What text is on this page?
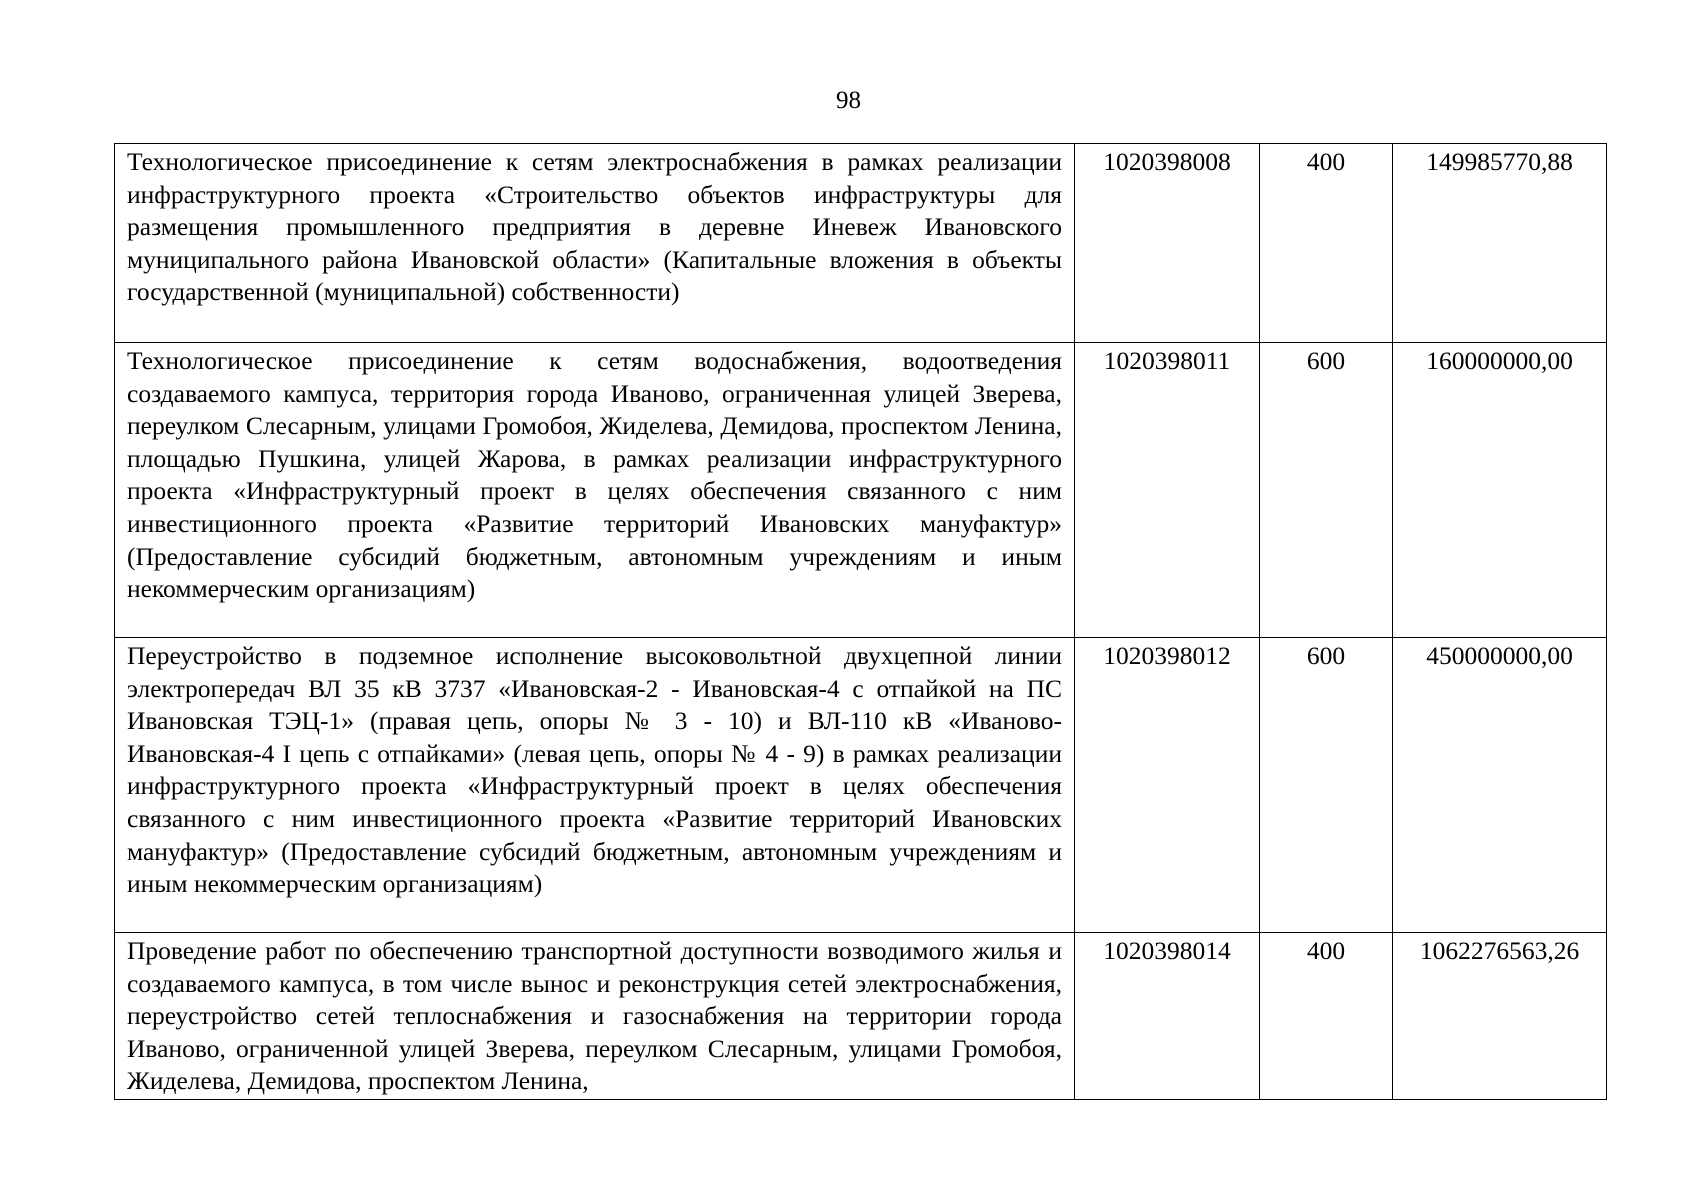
98
Технологическое присоединение к сетям электроснабжения в рамках реализации инфраструктурного проекта «Строительство объектов инфраструктуры для размещения промышленного предприятия в деревне Иневеж Ивановского муниципального района Ивановской области» (Капитальные вложения в объекты государственной (муниципальной) собственности)	1020398008	400	149985770,88
Технологическое присоединение к сетям водоснабжения, водоотведения создаваемого кампуса, территория города Иваново, ограниченная улицей Зверева, переулком Слесарным, улицами Громобоя, Жиделева, Демидова, проспектом Ленина, площадью Пушкина, улицей Жарова, в рамках реализации инфраструктурного проекта «Инфраструктурный проект в целях обеспечения связанного с ним инвестиционного проекта «Развитие территорий Ивановских мануфактур» (Предоставление субсидий бюджетным, автономным учреждениям и иным некоммерческим организациям)	1020398011	600	160000000,00
Переустройство в подземное исполнение высоковольтной двухцепной линии электропередач ВЛ 35 кВ 3737 «Ивановская-2 - Ивановская-4 с отпайкой на ПС Ивановская ТЭЦ-1» (правая цепь, опоры № 3 - 10) и ВЛ-110 кВ «Иваново-Ивановская-4 I цепь с отпайками» (левая цепь, опоры № 4 - 9) в рамках реализации инфраструктурного проекта «Инфраструктурный проект в целях обеспечения связанного с ним инвестиционного проекта «Развитие территорий Ивановских мануфактур» (Предоставление субсидий бюджетным, автономным учреждениям и иным некоммерческим организациям)	1020398012	600	450000000,00
Проведение работ по обеспечению транспортной доступности возводимого жилья и создаваемого кампуса, в том числе вынос и реконструкция сетей электроснабжения, переустройство сетей теплоснабжения и газоснабжения на территории города Иваново, ограниченной улицей Зверева, переулком Слесарным, улицами Громобоя, Жиделева, Демидова, проспектом Ленина,	1020398014	400	1062276563,26
